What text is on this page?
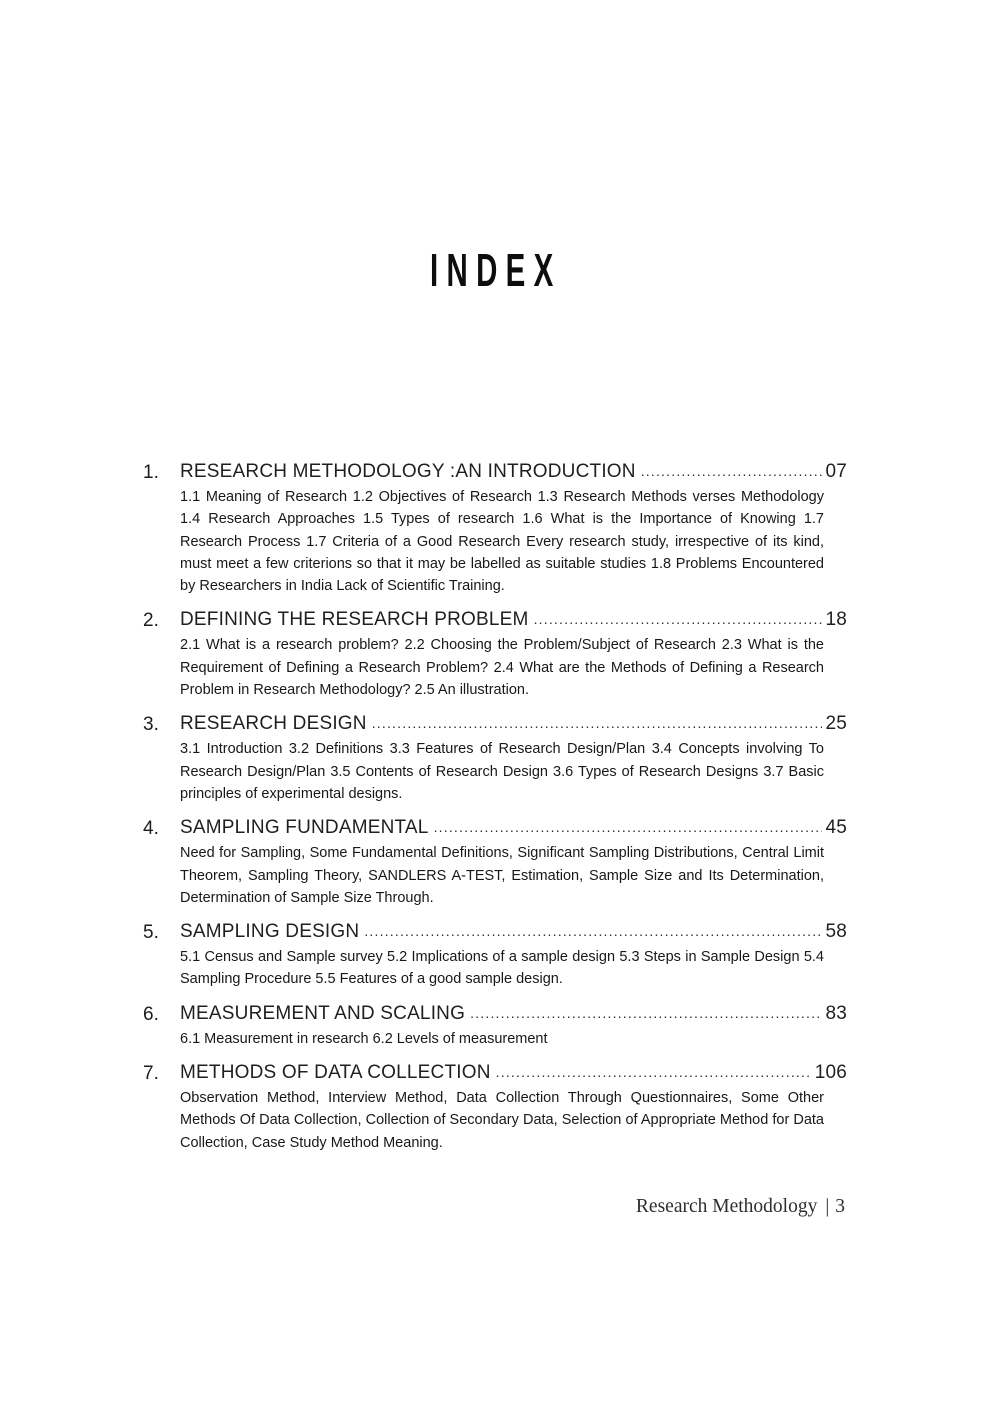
INDEX
1.	RESEARCH METHODOLOGY :AN INTRODUCTION .....	07
1.1 Meaning of Research 1.2 Objectives of Research 1.3 Research Methods verses Methodology 1.4 Research Approaches 1.5 Types of research 1.6 What is the Importance of Knowing 1.7 Research Process 1.7 Criteria of a Good Research Every research study, irrespective of its kind, must meet a few criterions so that it may be labelled as suitable studies 1.8 Problems Encountered by Researchers in India Lack of Scientific Training.
2.	DEFINING THE RESEARCH PROBLEM .....	18
2.1 What is a research problem? 2.2 Choosing the Problem/Subject of Research 2.3 What is the Requirement of Defining a Research Problem? 2.4 What are the Methods of Defining a Research Problem in Research Methodology? 2.5 An illustration.
3.	RESEARCH DESIGN .....	25
3.1 Introduction 3.2 Definitions 3.3 Features of Research Design/Plan 3.4 Concepts involving To Research Design/Plan 3.5 Contents of Research Design 3.6 Types of Research Designs 3.7 Basic principles of experimental designs.
4.	SAMPLING FUNDAMENTAL .....	45
Need for Sampling, Some Fundamental Definitions, Significant Sampling Distributions, Central Limit Theorem, Sampling Theory, SANDLERS A-TEST, Estimation, Sample Size and Its Determination, Determination of Sample Size Through.
5.	SAMPLING DESIGN .....	58
5.1 Census and Sample survey 5.2 Implications of a sample design 5.3 Steps in Sample Design 5.4 Sampling Procedure 5.5 Features of a good sample design.
6.	MEASUREMENT AND SCALING .....	83
6.1 Measurement in research 6.2 Levels of measurement
7.	METHODS OF DATA COLLECTION .....	106
Observation Method, Interview Method, Data Collection Through Questionnaires, Some Other Methods Of Data Collection, Collection of Secondary Data, Selection of Appropriate Method for Data Collection, Case Study Method Meaning.
Research Methodology | 3
